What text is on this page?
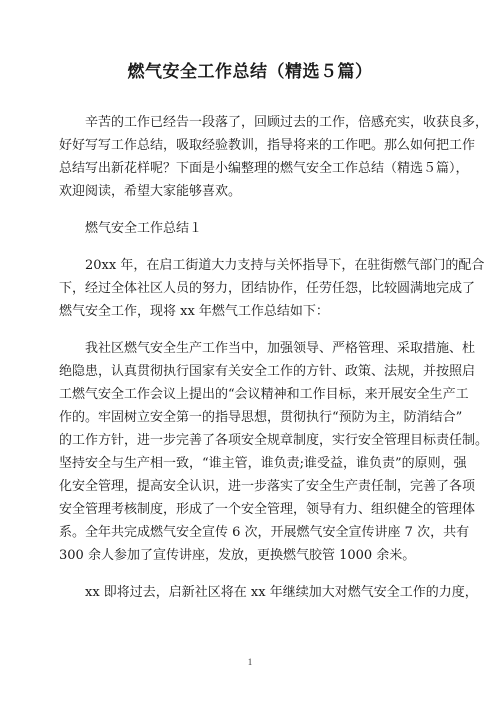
燃气安全工作总结（精选５篇）
辛苦的工作已经告一段落了，回顾过去的工作，倍感充实，收获良多，
好好写写工作总结，吸取经验教训，指导将来的工作吧。那么如何把工作
总结写出新花样呢？下面是小编整理的燃气安全工作总结（精选５篇），
欢迎阅读，希望大家能够喜欢。
燃气安全工作总结１
20xx 年，在启工街道大力支持与关怀指导下，在驻街燃气部门的配合
下，经过全体社区人员的努力，团结协作，任劳任怨，比较圆满地完成了
燃气安全工作，现将 xx 年燃气工作总结如下：
我社区燃气安全生产工作当中，加强领导、严格管理、采取措施、杜
绝隐患，认真贯彻执行国家有关安全工作的方针、政策、法规，并按照启
工燃气安全工作会议上提出的“会议精神和工作目标，来开展安全生产工
作的。牢固树立安全第一的指导思想，贯彻执行“预防为主，防消结合”
的工作方针，进一步完善了各项安全规章制度，实行安全管理目标责任制。
坚持安全与生产相一致，“谁主管，谁负责;谁受益，谁负责”的原则，强
化安全管理，提高安全认识，进一步落实了安全生产责任制，完善了各项
安全管理考核制度，形成了一个安全管理，领导有力、组织健全的管理体
系。全年共完成燃气安全宣传 6 次，开展燃气安全宣传讲座 7 次，共有
300 余人参加了宣传讲座，发放，更换燃气胶管 1000 余米。
xx 即将过去，启新社区将在 xx 年继续加大对燃气安全工作的力度，
1
